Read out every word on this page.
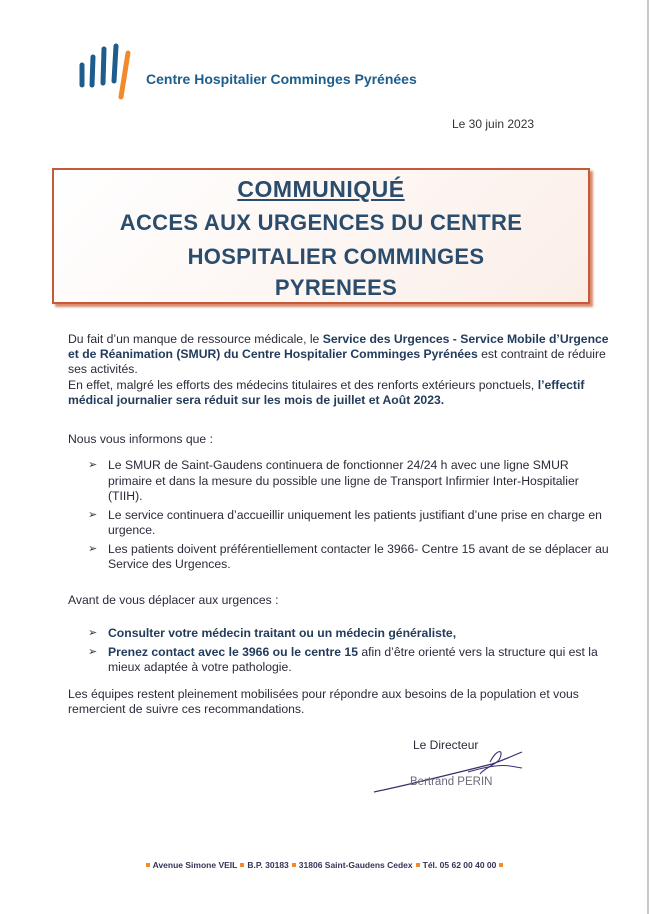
Centre Hospitalier Comminges Pyrénées
Le 30 juin 2023
COMMUNIQUÉ
ACCES AUX URGENCES DU CENTRE
HOSPITALIER COMMINGES
PYRENEES
Du fait d’un manque de ressource médicale, le Service des Urgences - Service Mobile d’Urgence et de Réanimation (SMUR) du Centre Hospitalier Comminges Pyrénées est contraint de réduire ses activités.
En effet, malgré les efforts des médecins titulaires et des renforts extérieurs ponctuels, l’effectif médical journalier sera réduit sur les mois de juillet et Août 2023.
Nous vous informons que :
➢ Le SMUR de Saint-Gaudens continuera de fonctionner 24/24 h avec une ligne SMUR primaire et dans la mesure du possible une ligne de Transport Infirmier Inter-Hospitalier (TIIH).
➢ Le service continuera d’accueillir uniquement les patients justifiant d’une prise en charge en urgence.
➢ Les patients doivent préférentiellement contacter le 3966- Centre 15 avant de se déplacer au Service des Urgences.
Avant de vous déplacer aux urgences :
➢ Consulter votre médecin traitant ou un médecin généraliste,
➢ Prenez contact avec le 3966 ou le centre 15 afin d’être orienté vers la structure qui est la mieux adaptée à votre pathologie.
Les équipes restent pleinement mobilisées pour répondre aux besoins de la population et vous remercient de suivre ces recommandations.
Le Directeur
Bertrand PERIN
Avenue Simone VEIL B.P. 30183 31806 Saint-Gaudens Cedex Tél. 05 62 00 40 00
